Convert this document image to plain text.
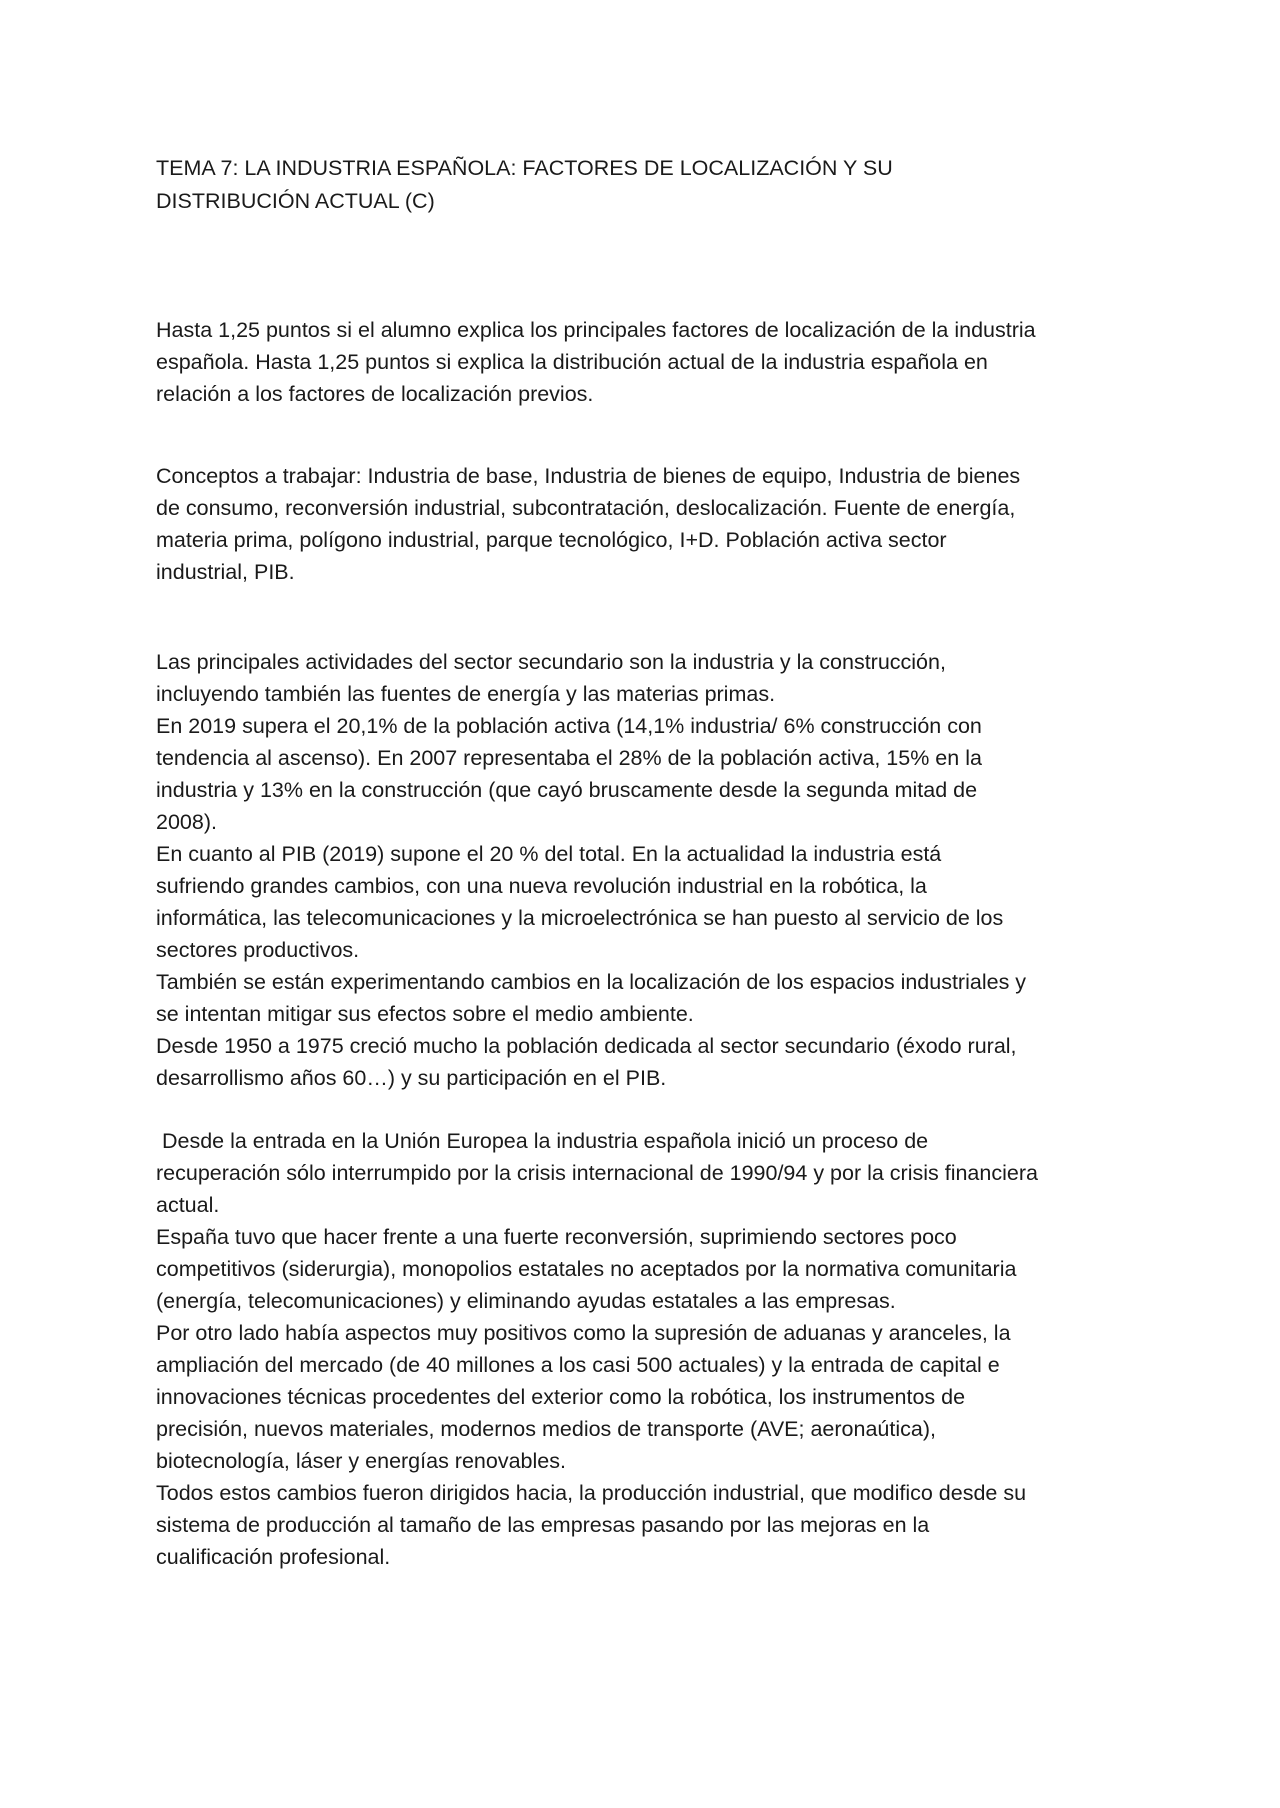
TEMA 7: LA INDUSTRIA ESPAÑOLA: FACTORES DE LOCALIZACIÓN Y SU

DISTRIBUCIÓN ACTUAL (C)

Hasta 1,25 puntos si el alumno explica los principales factores de localización de la industria

española. Hasta 1,25 puntos si explica la distribución actual de la industria española en

relación a los factores de localización previos.

Conceptos a trabajar: Industria de base, Industria de bienes de equipo, Industria de bienes

de consumo, reconversión industrial, subcontratación, deslocalización. Fuente de energía,

materia prima, polígono industrial, parque tecnológico, I+D. Población activa sector

industrial, PIB.

Las principales actividades del sector secundario son la industria y la construcción,

incluyendo también las fuentes de energía y las materias primas.

En 2019 supera el 20,1% de la población activa (14,1% industria/ 6% construcción con

tendencia al ascenso). En 2007 representaba el 28% de la población activa, 15% en la

industria y 13% en la construcción (que cayó bruscamente desde la segunda mitad de

2008).

En cuanto al PIB (2019) supone el 20 % del total. En la actualidad la industria está

sufriendo grandes cambios, con una nueva revolución industrial en la robótica, la

informática, las telecomunicaciones y la microelectrónica se han puesto al servicio de los

sectores productivos.

También se están experimentando cambios en la localización de los espacios industriales y

se intentan mitigar sus efectos sobre el medio ambiente.

Desde 1950 a 1975 creció mucho la población dedicada al sector secundario (éxodo rural,

desarrollismo años 60…) y su participación en el PIB.

Desde la entrada en la Unión Europea la industria española inició un proceso de

recuperación sólo interrumpido por la crisis internacional de 1990/94 y por la crisis financiera

actual.

España tuvo que hacer frente a una fuerte reconversión, suprimiendo sectores poco

competitivos (siderurgia), monopolios estatales no aceptados por la normativa comunitaria

(energía, telecomunicaciones) y eliminando ayudas estatales a las empresas.

Por otro lado había aspectos muy positivos como la supresión de aduanas y aranceles, la

ampliación del mercado (de 40 millones a los casi 500 actuales) y la entrada de capital e

innovaciones técnicas procedentes del exterior como la robótica, los instrumentos de

precisión, nuevos materiales, modernos medios de transporte (AVE; aeronaútica),

biotecnología, láser y energías renovables.

Todos estos cambios fueron dirigidos hacia, la producción industrial, que modifico desde su

sistema de producción al tamaño de las empresas pasando por las mejoras en la

cualificación profesional.
